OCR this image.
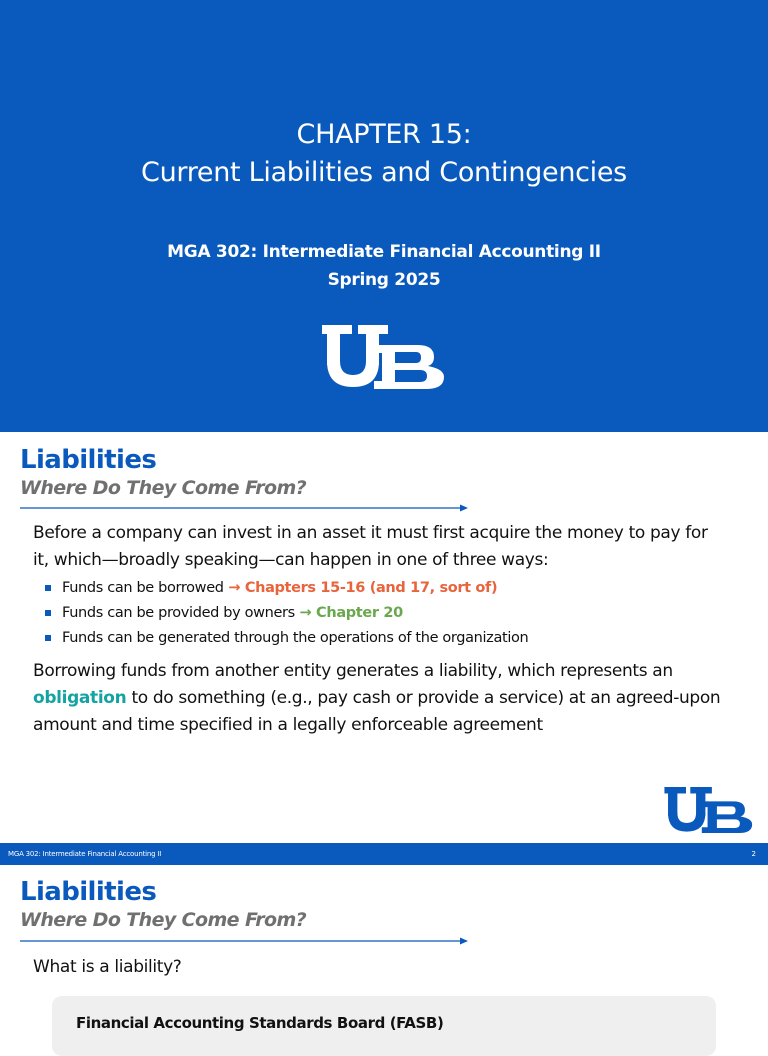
CHAPTER 15:
Current Liabilities and Contingencies
MGA 302: Intermediate Financial Accounting II
Spring 2025
Liabilities
Where Do They Come From?
Before a company can invest in an asset it must first acquire the money to pay for
it, which—broadly speaking—can happen in one of three ways:
Funds can be borrowed → Chapters 15-16 (and 17, sort of)
Funds can be provided by owners → Chapter 20
Funds can be generated through the operations of the organization
Borrowing funds from another entity generates a liability, which represents an
obligation to do something (e.g., pay cash or provide a service) at an agreed-upon
amount and time specified in a legally enforceable agreement
MGA 302: Intermediate Financial Accounting II	2
Liabilities
Where Do They Come From?
What is a liability?
Financial Accounting Standards Board (FASB)
